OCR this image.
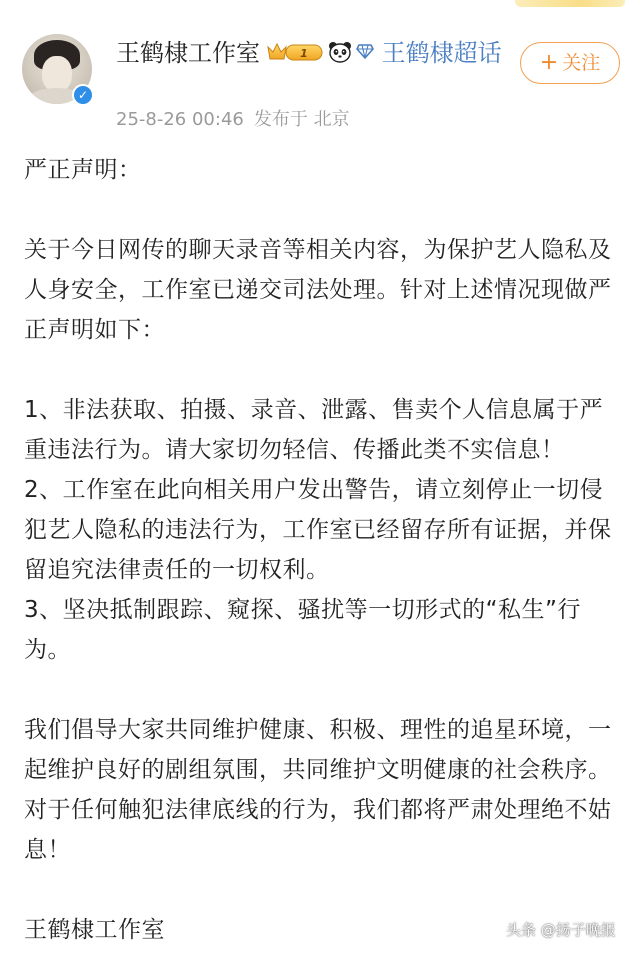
✓
王鹤棣工作室	1	王鹤棣超话
25-8-26 00:46 发布于 北京
+ 关注

严正声明：

关于今日网传的聊天录音等相关内容，为保护艺人隐私及人身安全，工作室已递交司法处理。针对上述情况现做严正声明如下：

1、非法获取、拍摄、录音、泄露、售卖个人信息属于严重违法行为。请大家切勿轻信、传播此类不实信息！

2、工作室在此向相关用户发出警告，请立刻停止一切侵犯艺人隐私的违法行为，工作室已经留存所有证据，并保留追究法律责任的一切权利。

3、坚决抵制跟踪、窥探、骚扰等一切形式的“私生”行为。

我们倡导大家共同维护健康、积极、理性的追星环境，一起维护良好的剧组氛围，共同维护文明健康的社会秩序。对于任何触犯法律底线的行为，我们都将严肃处理绝不姑息！

王鹤棣工作室	头条 @扬子晚报
